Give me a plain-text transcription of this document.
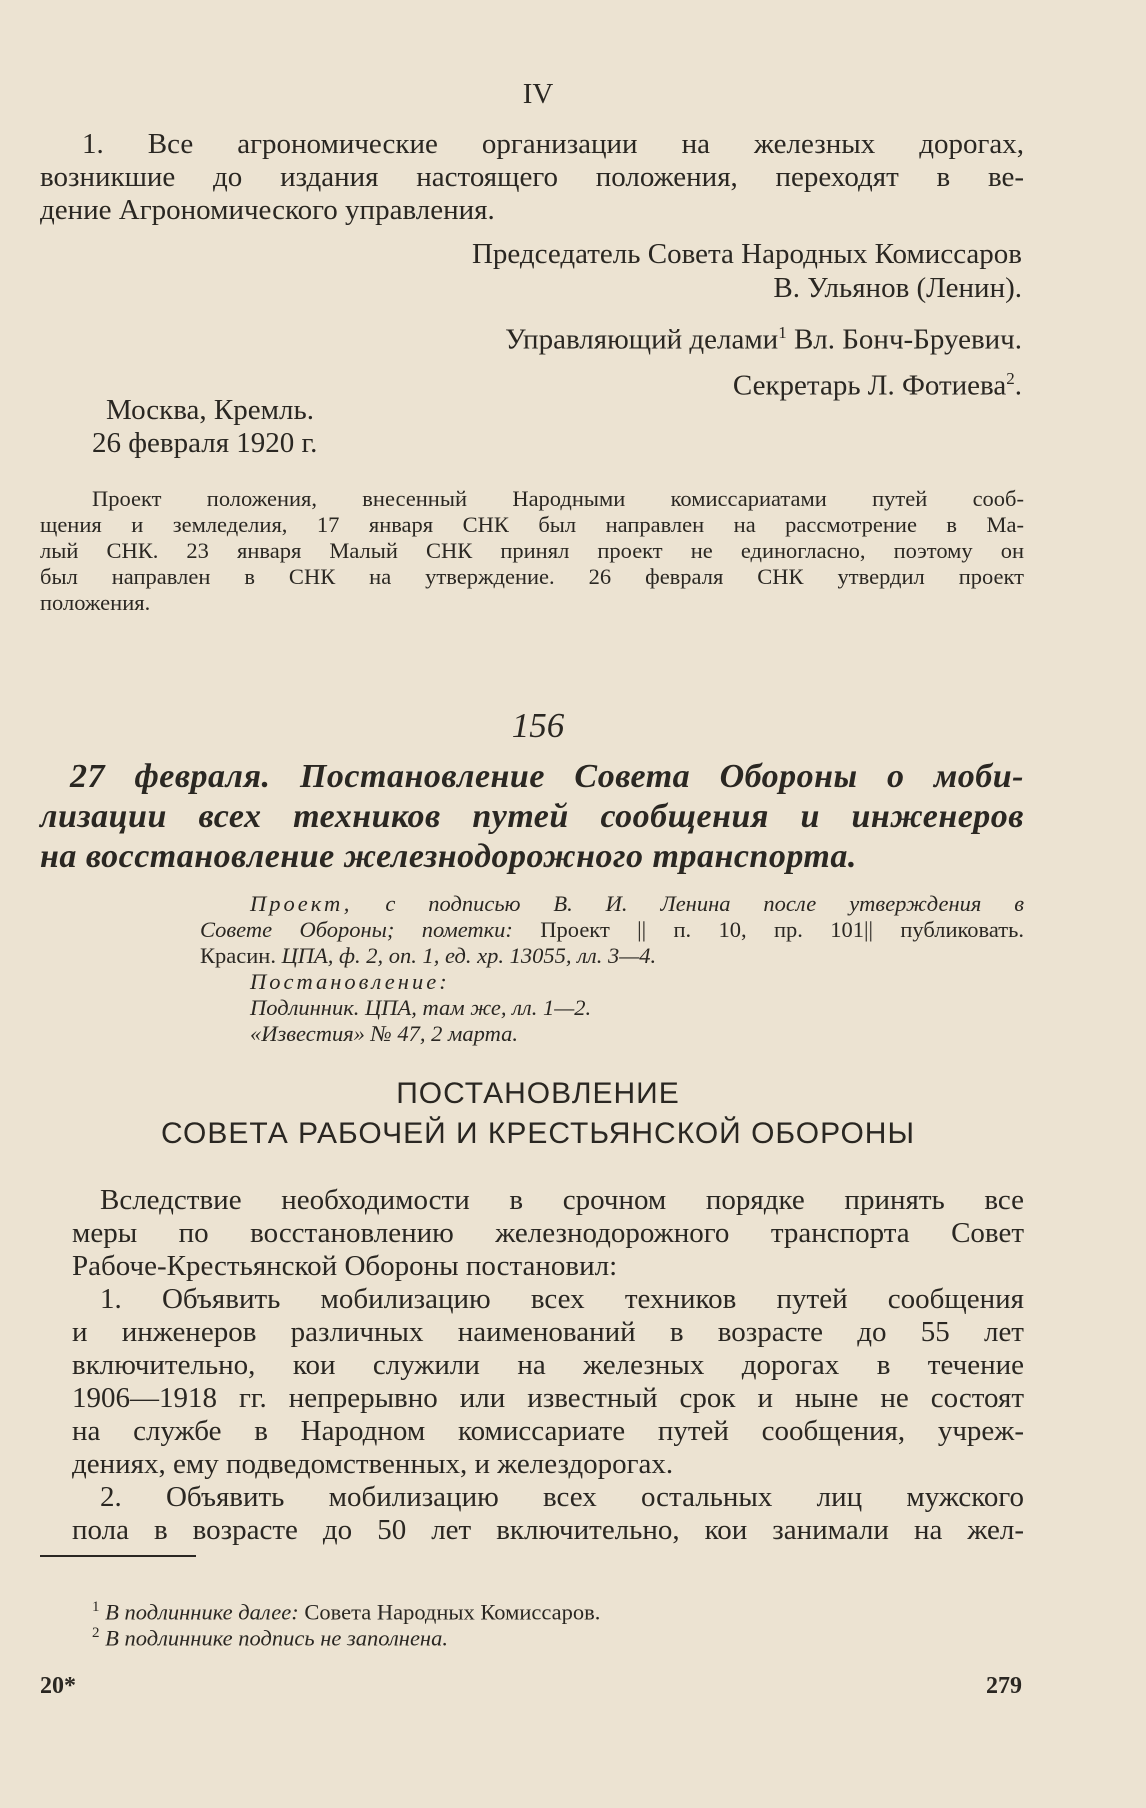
IV
1. Все агрономические организации на железных дорогах,
возникшие до издания настоящего положения, переходят в ве-
дение Агрономического управления.
Председатель Совета Народных Комиссаров
В. Ульянов (Ленин).
Управляющий делами$^1$ Вл. Бонч-Бруевич.
Секретарь Л. Фотиева$^2$.
Москва, Кремль.
26 февраля 1920 г.
Проект положения, внесенный Народными комиссариатами путей сооб-
щения и земледелия, 17 января СНК был направлен на рассмотрение в Ма-
лый СНК. 23 января Малый СНК принял проект не единогласно, поэтому он
был направлен в СНК на утверждение. 26 февраля СНК утвердил проект
положения.
156
27 февраля. Постановление Совета Обороны о моби-
лизации всех техников путей сообщения и инженеров
на восстановление железнодорожного транспорта.
Проект, с подписью В. И. Ленина после утверждения в
Совете Обороны; пометки: Проект || п. 10, пр. 101|| публиковать.
Красин. ЦПА, ф. 2, оп. 1, ед. хр. 13055, лл. 3—4.
Постановление:
Подлинник. ЦПА, там же, лл. 1—2.
«Известия» № 47, 2 марта.
ПОСТАНОВЛЕНИЕ
СОВЕТА РАБОЧЕЙ И КРЕСТЬЯНСКОЙ ОБОРОНЫ
Вследствие необходимости в срочном порядке принять все
меры по восстановлению железнодорожного транспорта Совет
Рабоче-Крестьянской Обороны постановил:
1. Объявить мобилизацию всех техников путей сообщения
и инженеров различных наименований в возрасте до 55 лет
включительно, кои служили на железных дорогах в течение
1906—1918 гг. непрерывно или известный срок и ныне не состоят
на службе в Народном комиссариате путей сообщения, учреж-
дениях, ему подведомственных, и желездорогах.
2. Объявить мобилизацию всех остальных лиц мужского
пола в возрасте до 50 лет включительно, кои занимали на жел-
$^1$ В подлиннике далее: Совета Народных Комиссаров.
$^2$ В подлиннике подпись не заполнена.
20*	279
